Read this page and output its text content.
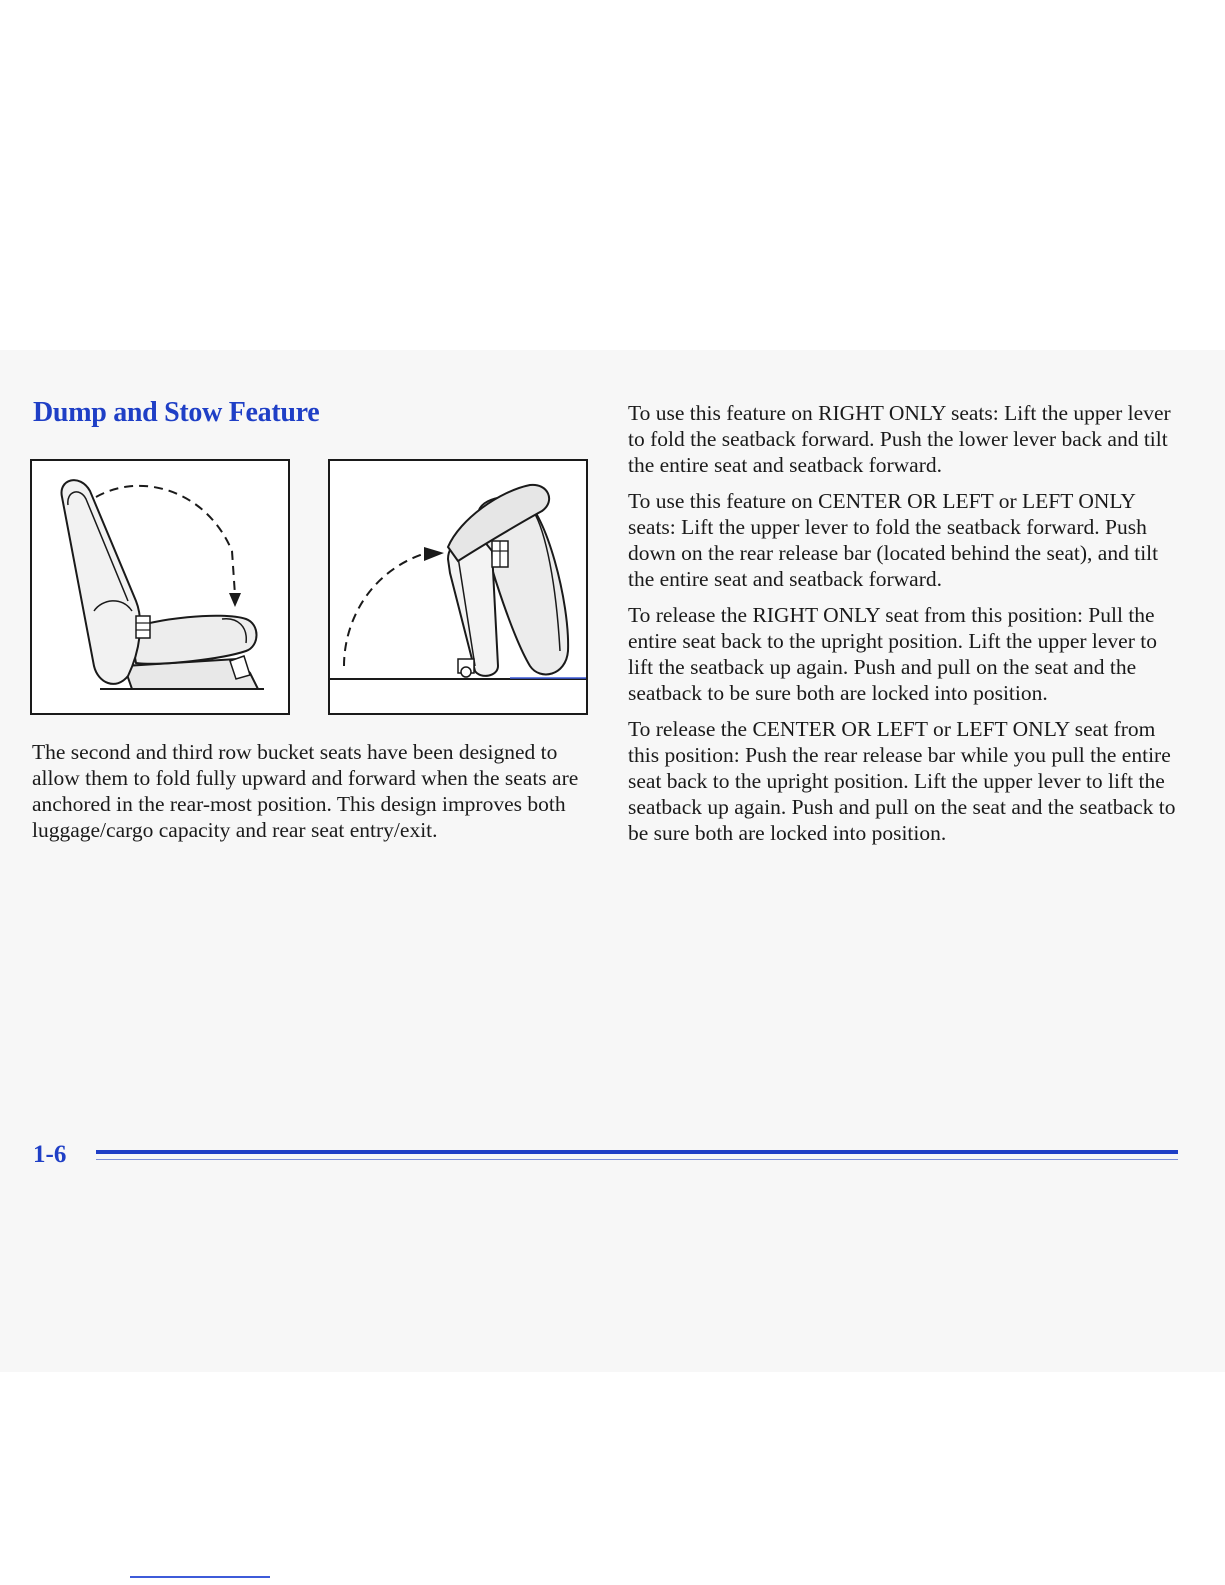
Dump and Stow Feature

The second and third row bucket seats have been designed to allow them to fold fully upward and forward when the seats are anchored in the rear-most position. This design improves both luggage/cargo capacity and rear seat entry/exit.

To use this feature on RIGHT ONLY seats: Lift the upper lever to fold the seatback forward. Push the lower lever back and tilt the entire seat and seatback forward.

To use this feature on CENTER OR LEFT or LEFT ONLY seats: Lift the upper lever to fold the seatback forward. Push down on the rear release bar (located behind the seat), and tilt the entire seat and seatback forward.

To release the RIGHT ONLY seat from this position: Pull the entire seat back to the upright position. Lift the upper lever to lift the seatback up again. Push and pull on the seat and the seatback to be sure both are locked into position.

To release the CENTER OR LEFT or LEFT ONLY seat from this position: Push the rear release bar while you pull the entire seat back to the upright position. Lift the upper lever to lift the seatback up again. Push and pull on the seat and the seatback to be sure both are locked into position.

1-6
